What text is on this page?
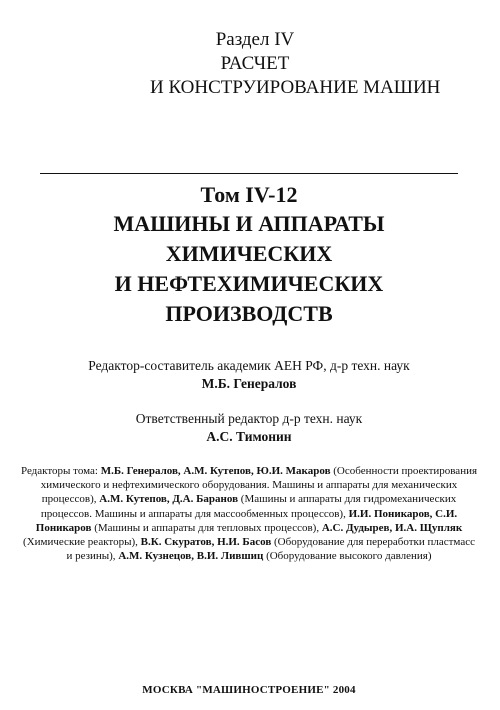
Раздел IV
РАСЧЕТ
И КОНСТРУИРОВАНИЕ МАШИН
Том IV-12
МАШИНЫ И АППАРАТЫ
ХИМИЧЕСКИХ
И НЕФТЕХИМИЧЕСКИХ
ПРОИЗВОДСТВ
Редактор-составитель академик АЕН РФ, д-р техн. наук
М.Б. Генералов
Ответственный редактор д-р техн. наук
А.С. Тимонин
Редакторы тома: М.Б. Генералов, А.М. Кутепов, Ю.И. Макаров (Особенности проектирования химического и нефтехимического оборудования. Машины и аппараты для механических процессов), А.М. Кутепов, Д.А. Баранов (Машины и аппараты для гидромеханических процессов. Машины и аппараты для массообменных процессов), И.И. Поникаров, С.И. Поникаров (Машины и аппараты для тепловых процессов), А.С. Дудырев, И.А. Щупляк (Химические реакторы), В.К. Скуратов, Н.И. Басов (Оборудование для переработки пластмасс и резины), А.М. Кузнецов, В.И. Лившиц (Оборудование высокого давления)
МОСКВА "МАШИНОСТРОЕНИЕ" 2004
